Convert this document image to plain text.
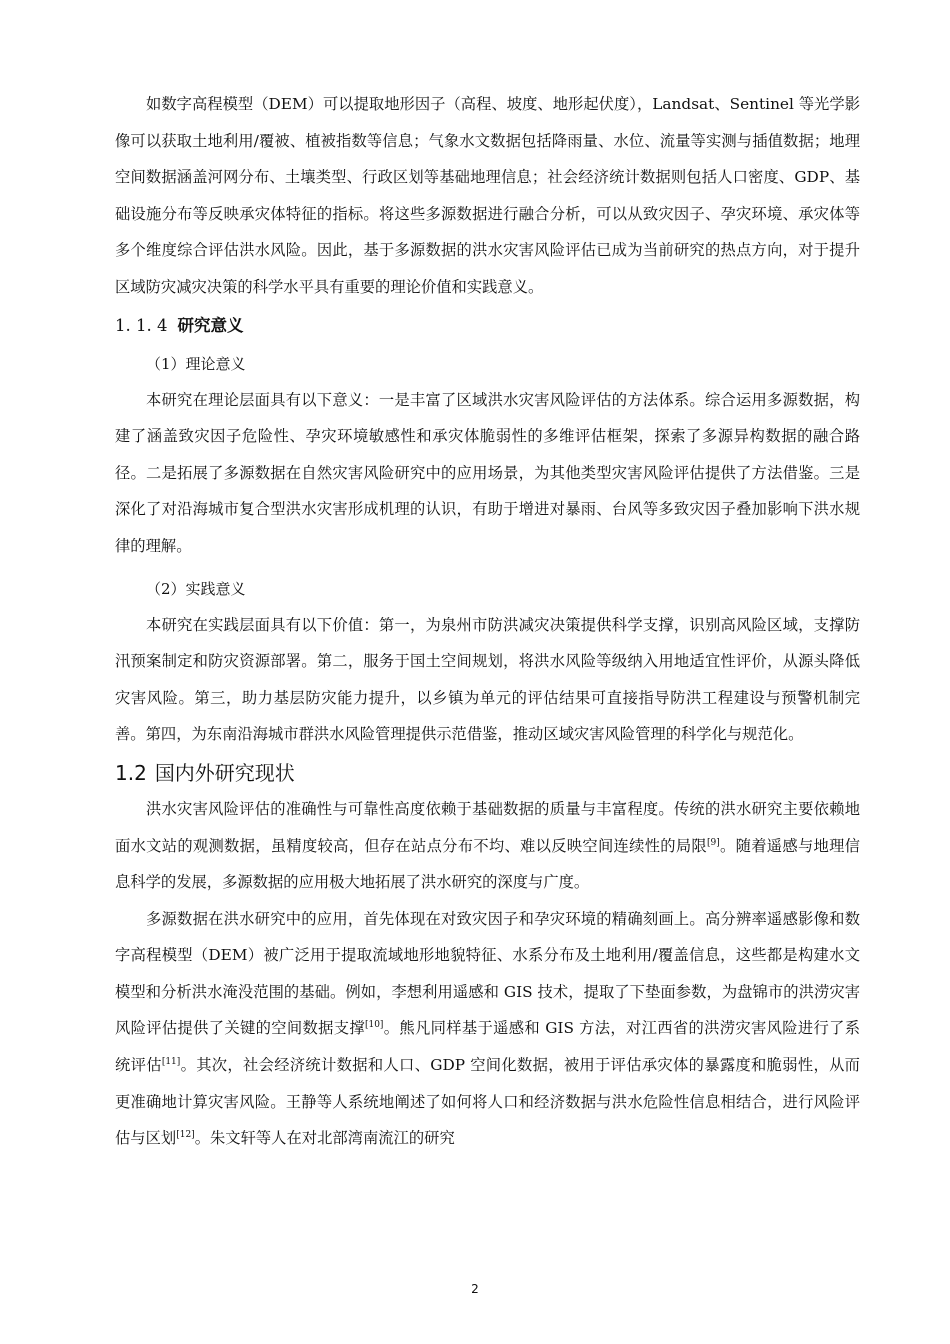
如数字高程模型（DEM）可以提取地形因子（高程、坡度、地形起伏度），Landsat、Sentinel 等光学影像可以获取土地利用/覆被、植被指数等信息；气象水文数据包括降雨量、水位、流量等实测与插值数据；地理空间数据涵盖河网分布、土壤类型、行政区划等基础地理信息；社会经济统计数据则包括人口密度、GDP、基础设施分布等反映承灾体特征的指标。将这些多源数据进行融合分析，可以从致灾因子、孕灾环境、承灾体等多个维度综合评估洪水风险。因此，基于多源数据的洪水灾害风险评估已成为当前研究的热点方向，对于提升区域防灾减灾决策的科学水平具有重要的理论价值和实践意义。

1. 1. 4 研究意义

（1）理论意义

本研究在理论层面具有以下意义：一是丰富了区域洪水灾害风险评估的方法体系。综合运用多源数据，构建了涵盖致灾因子危险性、孕灾环境敏感性和承灾体脆弱性的多维评估框架，探索了多源异构数据的融合路径。二是拓展了多源数据在自然灾害风险研究中的应用场景，为其他类型灾害风险评估提供了方法借鉴。三是深化了对沿海城市复合型洪水灾害形成机理的认识，有助于增进对暴雨、台风等多致灾因子叠加影响下洪水规律的理解。

（2）实践意义

本研究在实践层面具有以下价值：第一，为泉州市防洪减灾决策提供科学支撑，识别高风险区域，支撑防汛预案制定和防灾资源部署。第二，服务于国土空间规划，将洪水风险等级纳入用地适宜性评价，从源头降低灾害风险。第三，助力基层防灾能力提升，以乡镇为单元的评估结果可直接指导防洪工程建设与预警机制完善。第四，为东南沿海城市群洪水风险管理提供示范借鉴，推动区域灾害风险管理的科学化与规范化。

1.2 国内外研究现状

洪水灾害风险评估的准确性与可靠性高度依赖于基础数据的质量与丰富程度。传统的洪水研究主要依赖地面水文站的观测数据，虽精度较高，但存在站点分布不均、难以反映空间连续性的局限[9]。随着遥感与地理信息科学的发展，多源数据的应用极大地拓展了洪水研究的深度与广度。

多源数据在洪水研究中的应用，首先体现在对致灾因子和孕灾环境的精确刻画上。高分辨率遥感影像和数字高程模型（DEM）被广泛用于提取流域地形地貌特征、水系分布及土地利用/覆盖信息，这些都是构建水文模型和分析洪水淹没范围的基础。例如，李想利用遥感和 GIS 技术，提取了下垫面参数，为盘锦市的洪涝灾害风险评估提供了关键的空间数据支撑[10]。熊凡同样基于遥感和 GIS 方法，对江西省的洪涝灾害风险进行了系统评估[11]。其次，社会经济统计数据和人口、GDP 空间化数据，被用于评估承灾体的暴露度和脆弱性，从而更准确地计算灾害风险。王静等人系统地阐述了如何将人口和经济数据与洪水危险性信息相结合，进行风险评估与区划[12]。朱文轩等人在对北部湾南流江的研究

2
